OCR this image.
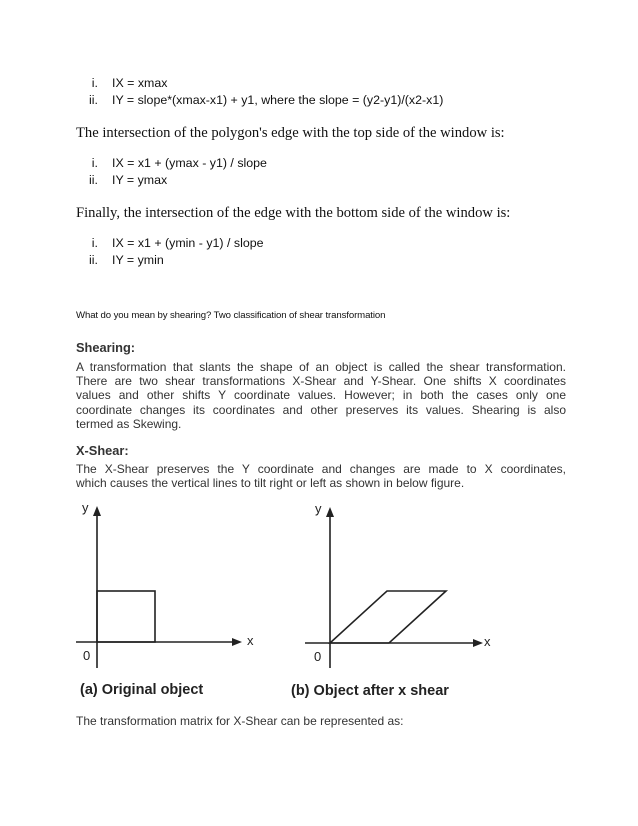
i. IX = xmax
ii. IY = slope*(xmax-x1) + y1, where the slope = (y2-y1)/(x2-x1)
The intersection of the polygon's edge with the top side of the window is:
i. IX = x1 + (ymax - y1) / slope
ii. IY = ymax
Finally, the intersection of the edge with the bottom side of the window is:
i. IX = x1 + (ymin - y1) / slope
ii. IY = ymin
What do you mean by shearing? Two classification of shear transformation
Shearing:
A transformation that slants the shape of an object is called the shear transformation.
There are two shear transformations X-Shear and Y-Shear. One shifts X coordinates
values and other shifts Y coordinate values. However; in both the cases only one
coordinate changes its coordinates and other preserves its values. Shearing is also
termed as Skewing.
X-Shear:
The X-Shear preserves the Y coordinate and changes are made to X coordinates,
which causes the vertical lines to tilt right or left as shown in below figure.
y
x
0
(a) Original object
y
x
0
(b) Object after x shear
The transformation matrix for X-Shear can be represented as:
